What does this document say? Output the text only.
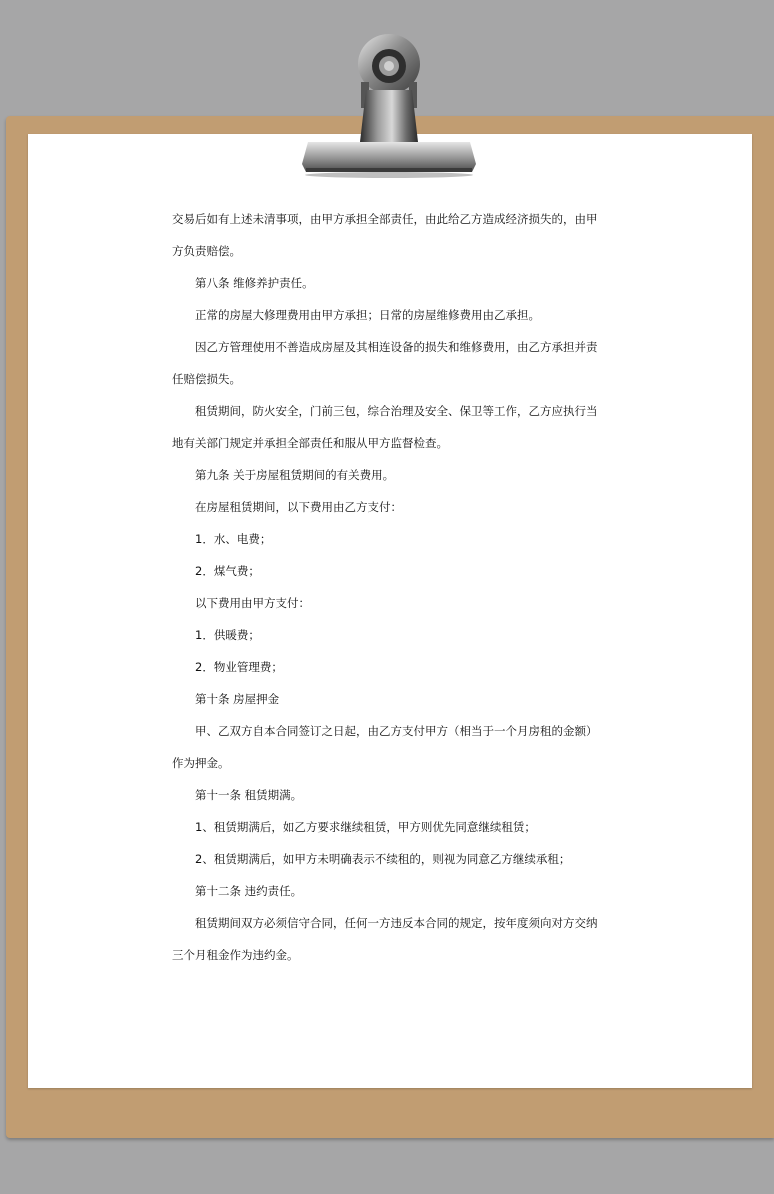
交易后如有上述未清事项，由甲方承担全部责任，由此给乙方造成经济损失的，由甲
方负责赔偿。
第八条 维修养护责任。
正常的房屋大修理费用由甲方承担；日常的房屋维修费用由乙承担。
因乙方管理使用不善造成房屋及其相连设备的损失和维修费用，由乙方承担并责
任赔偿损失。
租赁期间，防火安全，门前三包，综合治理及安全、保卫等工作，乙方应执行当
地有关部门规定并承担全部责任和服从甲方监督检查。
第九条 关于房屋租赁期间的有关费用。
在房屋租赁期间，以下费用由乙方支付：
1．水、电费；
2．煤气费；
以下费用由甲方支付：
1．供暖费；
2．物业管理费；
第十条 房屋押金
甲、乙双方自本合同签订之日起，由乙方支付甲方（相当于一个月房租的金额）
作为押金。
第十一条 租赁期满。
1、租赁期满后，如乙方要求继续租赁，甲方则优先同意继续租赁；
2、租赁期满后，如甲方未明确表示不续租的，则视为同意乙方继续承租；
第十二条 违约责任。
租赁期间双方必须信守合同，任何一方违反本合同的规定，按年度须向对方交纳
三个月租金作为违约金。
